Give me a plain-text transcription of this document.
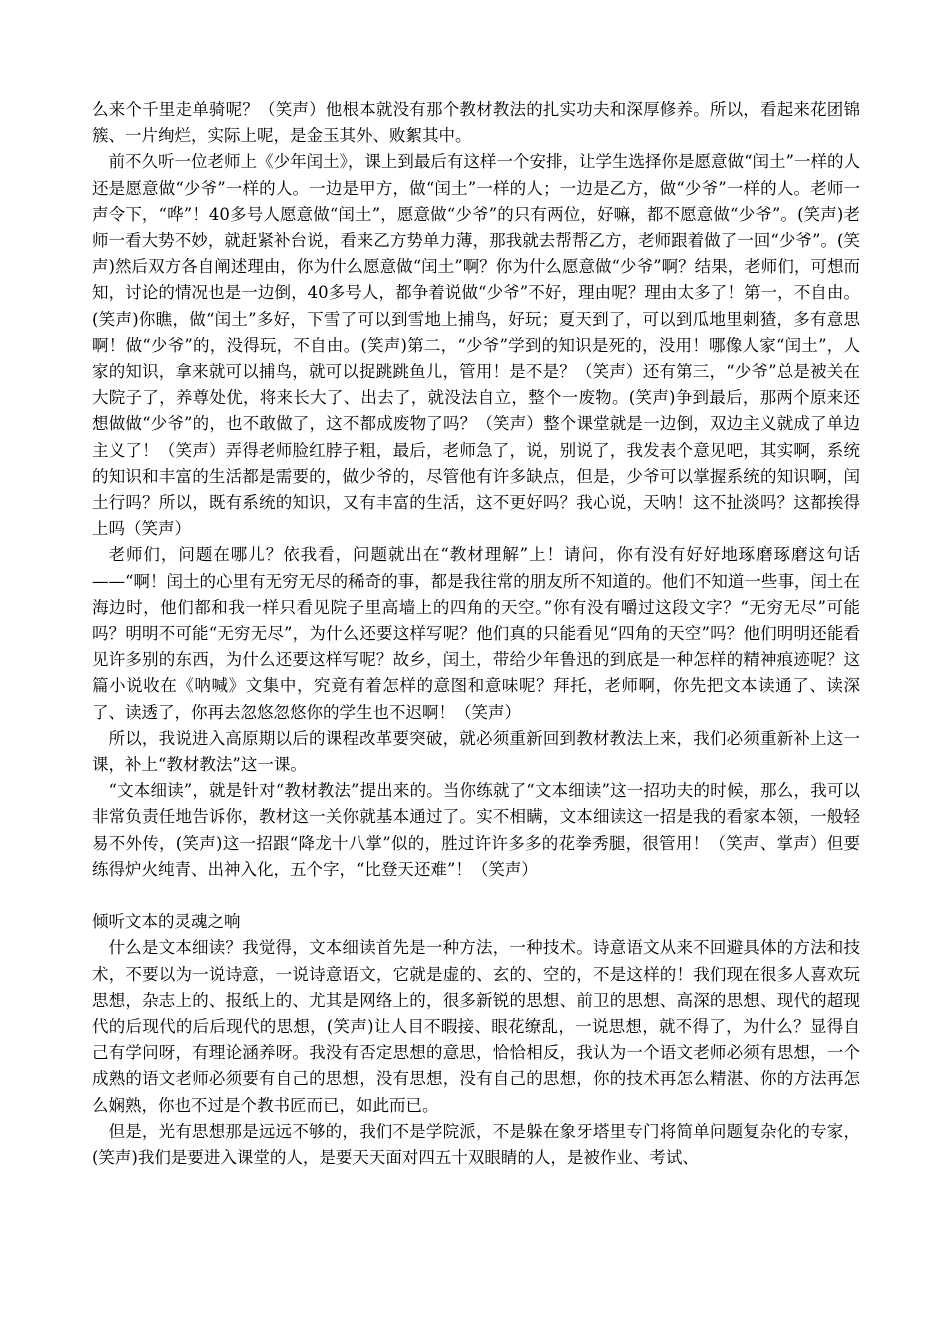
么来个千里走单骑呢？（笑声）他根本就没有那个教材教法的扎实功夫和深厚修养。所以，看起来花团锦簇、一片绚烂，实际上呢，是金玉其外、败絮其中。

前不久听一位老师上《少年闰土》，课上到最后有这样一个安排，让学生选择你是愿意做“闰土”一样的人还是愿意做“少爷”一样的人。一边是甲方，做“闰土”一样的人；一边是乙方，做“少爷”一样的人。老师一声令下，“哗”！40多号人愿意做“闰土”，愿意做“少爷”的只有两位，好嘛，都不愿意做“少爷”。(笑声)老师一看大势不妙，就赶紧补台说，看来乙方势单力薄，那我就去帮帮乙方，老师跟着做了一回“少爷”。(笑声)然后双方各自阐述理由，你为什么愿意做“闰土”啊？你为什么愿意做“少爷”啊？结果，老师们，可想而知，讨论的情况也是一边倒，40多号人，都争着说做“少爷”不好，理由呢？理由太多了！第一，不自由。(笑声)你瞧，做“闰土”多好，下雪了可以到雪地上捕鸟，好玩；夏天到了，可以到瓜地里刺猹，多有意思啊！做“少爷”的，没得玩，不自由。(笑声)第二，“少爷”学到的知识是死的，没用！哪像人家“闰土”，人家的知识，拿来就可以捕鸟，就可以捉跳跳鱼儿，管用！是不是？（笑声）还有第三，“少爷”总是被关在大院子了，养尊处优，将来长大了、出去了，就没法自立，整个一废物。(笑声)争到最后，那两个原来还想做做“少爷”的，也不敢做了，这不都成废物了吗？（笑声）整个课堂就是一边倒，双边主义就成了单边主义了！（笑声）弄得老师脸红脖子粗，最后，老师急了，说，别说了，我发表个意见吧，其实啊，系统的知识和丰富的生活都是需要的，做少爷的，尽管他有许多缺点，但是，少爷可以掌握系统的知识啊，闰土行吗？所以，既有系统的知识，又有丰富的生活，这不更好吗？我心说，天呐！这不扯淡吗？这都挨得上吗（笑声）

老师们，问题在哪儿？依我看，问题就出在“教材理解”上！请问，你有没有好好地琢磨琢磨这句话——“啊！闰土的心里有无穷无尽的稀奇的事，都是我往常的朋友所不知道的。他们不知道一些事，闰土在海边时，他们都和我一样只看见院子里高墙上的四角的天空。”你有没有嚼过这段文字？“无穷无尽”可能吗？明明不可能“无穷无尽”，为什么还要这样写呢？他们真的只能看见“四角的天空”吗？他们明明还能看见许多别的东西，为什么还要这样写呢？故乡，闰土，带给少年鲁迅的到底是一种怎样的精神痕迹呢？这篇小说收在《呐喊》文集中，究竟有着怎样的意图和意味呢？拜托，老师啊，你先把文本读通了、读深了、读透了，你再去忽悠忽悠你的学生也不迟啊！（笑声）

所以，我说进入高原期以后的课程改革要突破，就必须重新回到教材教法上来，我们必须重新补上这一课，补上“教材教法”这一课。

“文本细读”，就是针对“教材教法”提出来的。当你练就了“文本细读”这一招功夫的时候，那么，我可以非常负责任地告诉你，教材这一关你就基本通过了。实不相瞒，文本细读这一招是我的看家本领，一般轻易不外传，(笑声)这一招跟“降龙十八掌”似的，胜过许许多多的花拳秀腿，很管用！（笑声、掌声）但要练得炉火纯青、出神入化，五个字，“比登天还难”！（笑声）

倾听文本的灵魂之响

什么是文本细读？我觉得，文本细读首先是一种方法，一种技术。诗意语文从来不回避具体的方法和技术，不要以为一说诗意，一说诗意语文，它就是虚的、玄的、空的，不是这样的！我们现在很多人喜欢玩思想，杂志上的、报纸上的、尤其是网络上的，很多新锐的思想、前卫的思想、高深的思想、现代的超现代的后现代的后后现代的思想，(笑声)让人目不暇接、眼花缭乱，一说思想，就不得了，为什么？显得自己有学问呀，有理论涵养呀。我没有否定思想的意思，恰恰相反，我认为一个语文老师必须有思想，一个成熟的语文老师必须要有自己的思想，没有思想，没有自己的思想，你的技术再怎么精湛、你的方法再怎么娴熟，你也不过是个教书匠而已，如此而已。

但是，光有思想那是远远不够的，我们不是学院派，不是躲在象牙塔里专门将简单问题复杂化的专家，(笑声)我们是要进入课堂的人，是要天天面对四五十双眼睛的人，是被作业、考试、
